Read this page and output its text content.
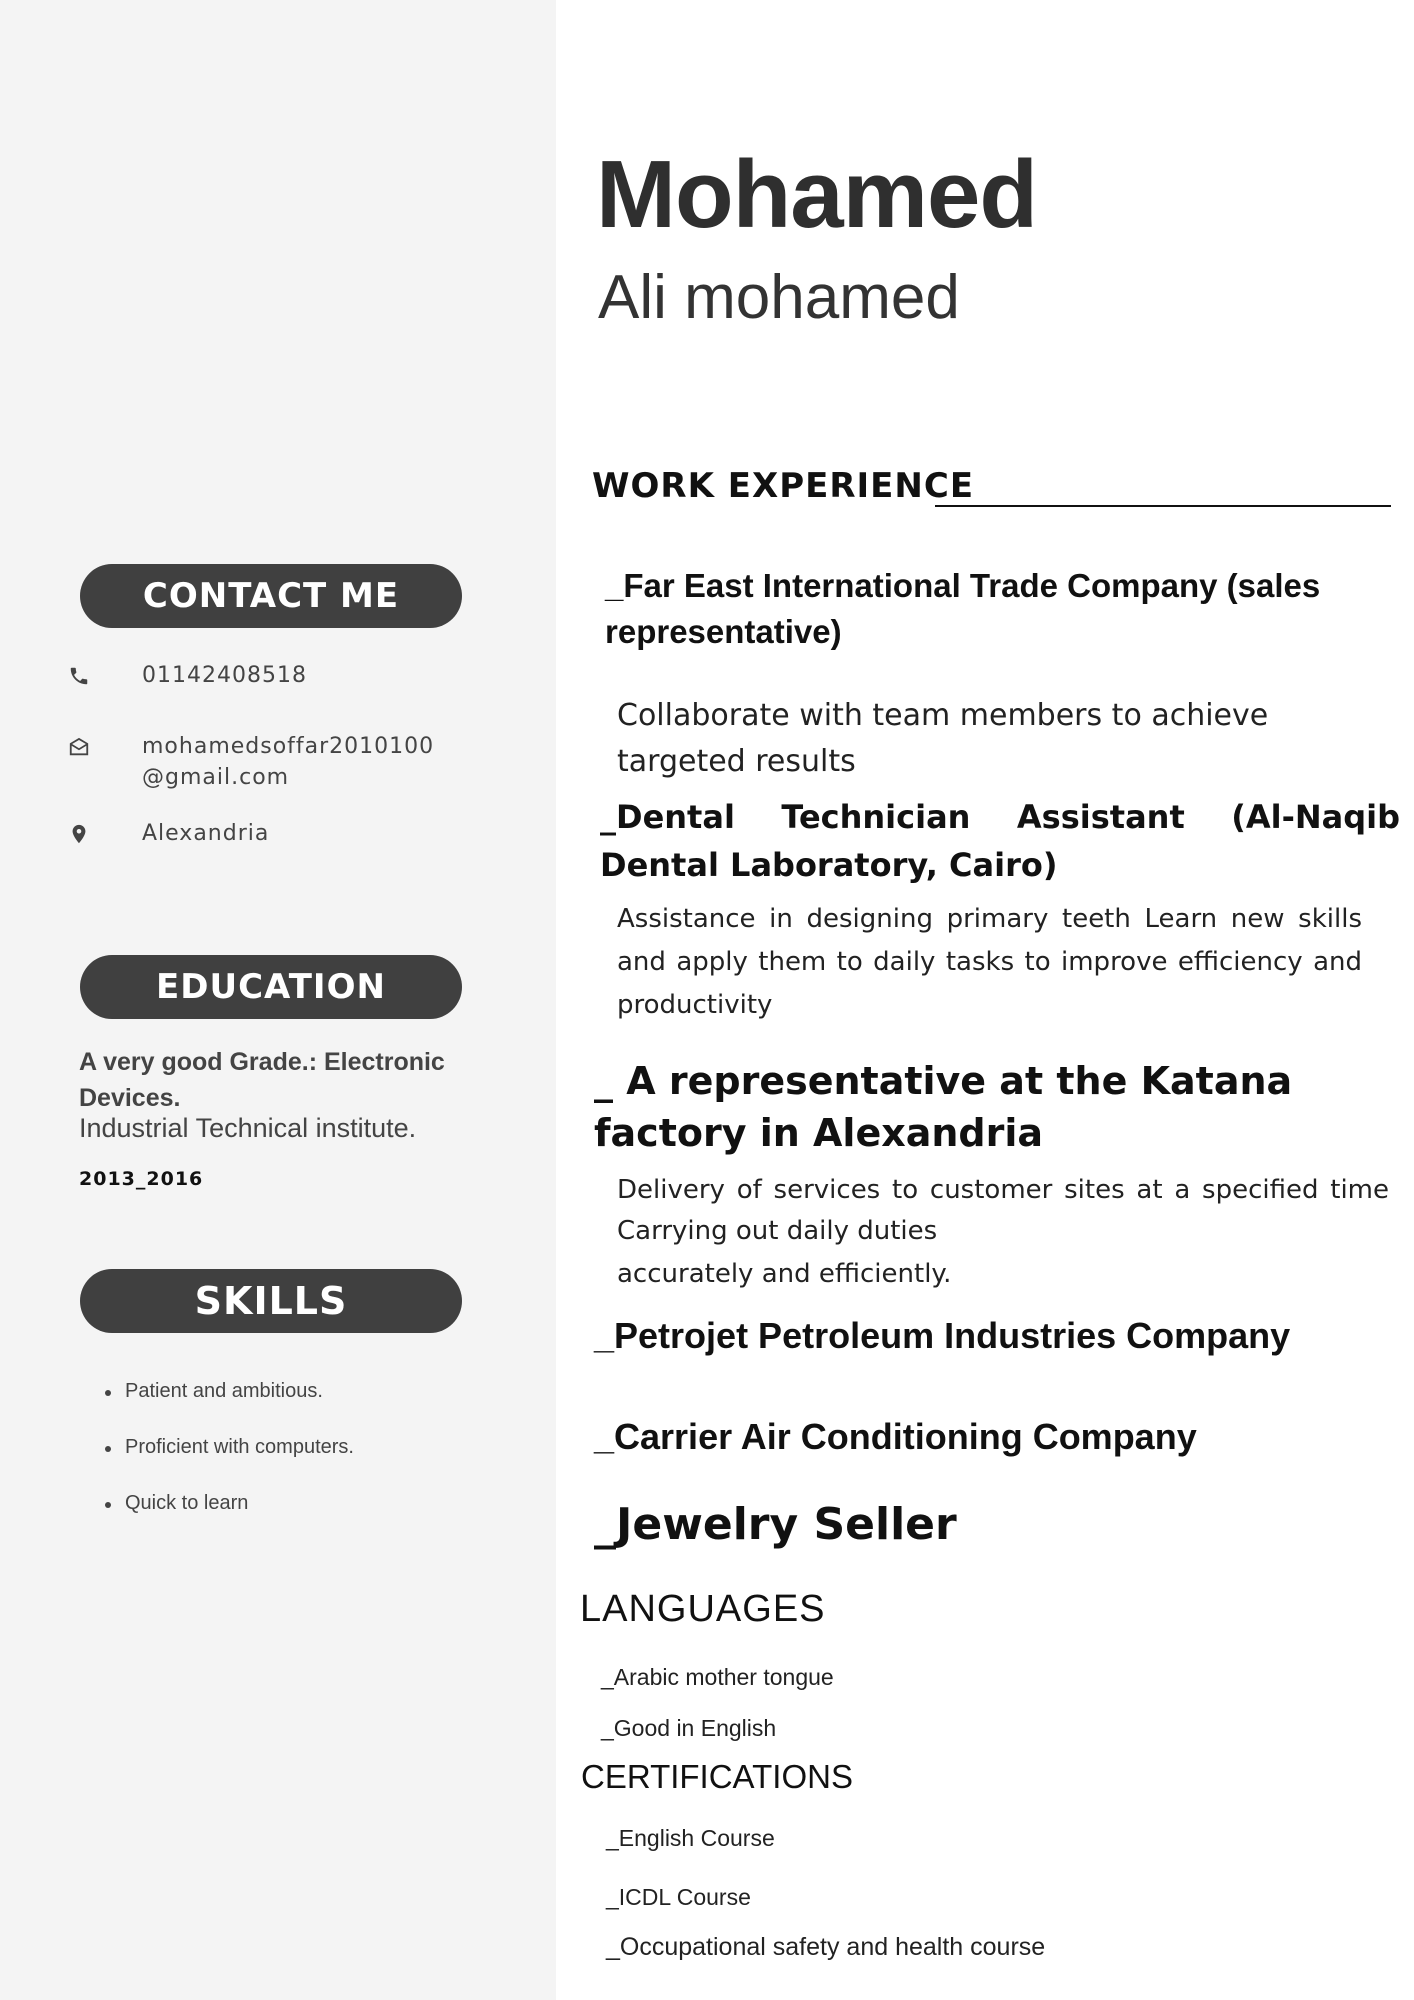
CONTACT ME
01142408518
mohamedsoffar2010100
@gmail.com
Alexandria
EDUCATION
A very good Grade.: Electronic Devices.
Industrial Technical institute.
2013_2016
SKILLS
Patient and ambitious.
Proficient with computers.
Quick to learn
Mohamed
Ali mohamed
WORK EXPERIENCE
_Far East International Trade Company (sales representative)
Collaborate with team members to achieve targeted results
_Dental Technician Assistant (Al-Naqib Dental Laboratory, Cairo)
Assistance in designing primary teeth Learn new skills and apply them to daily tasks to improve efficiency and productivity
_ A representative at the Katana factory in Alexandria
Delivery of services to customer sites at a specified time Carrying out daily duties
accurately and efficiently.
_Petrojet Petroleum Industries Company
_Carrier Air Conditioning Company
_Jewelry Seller
LANGUAGES
_Arabic mother tongue
_Good in English
CERTIFICATIONS
_English Course
_ICDL Course
_Occupational safety and health course
